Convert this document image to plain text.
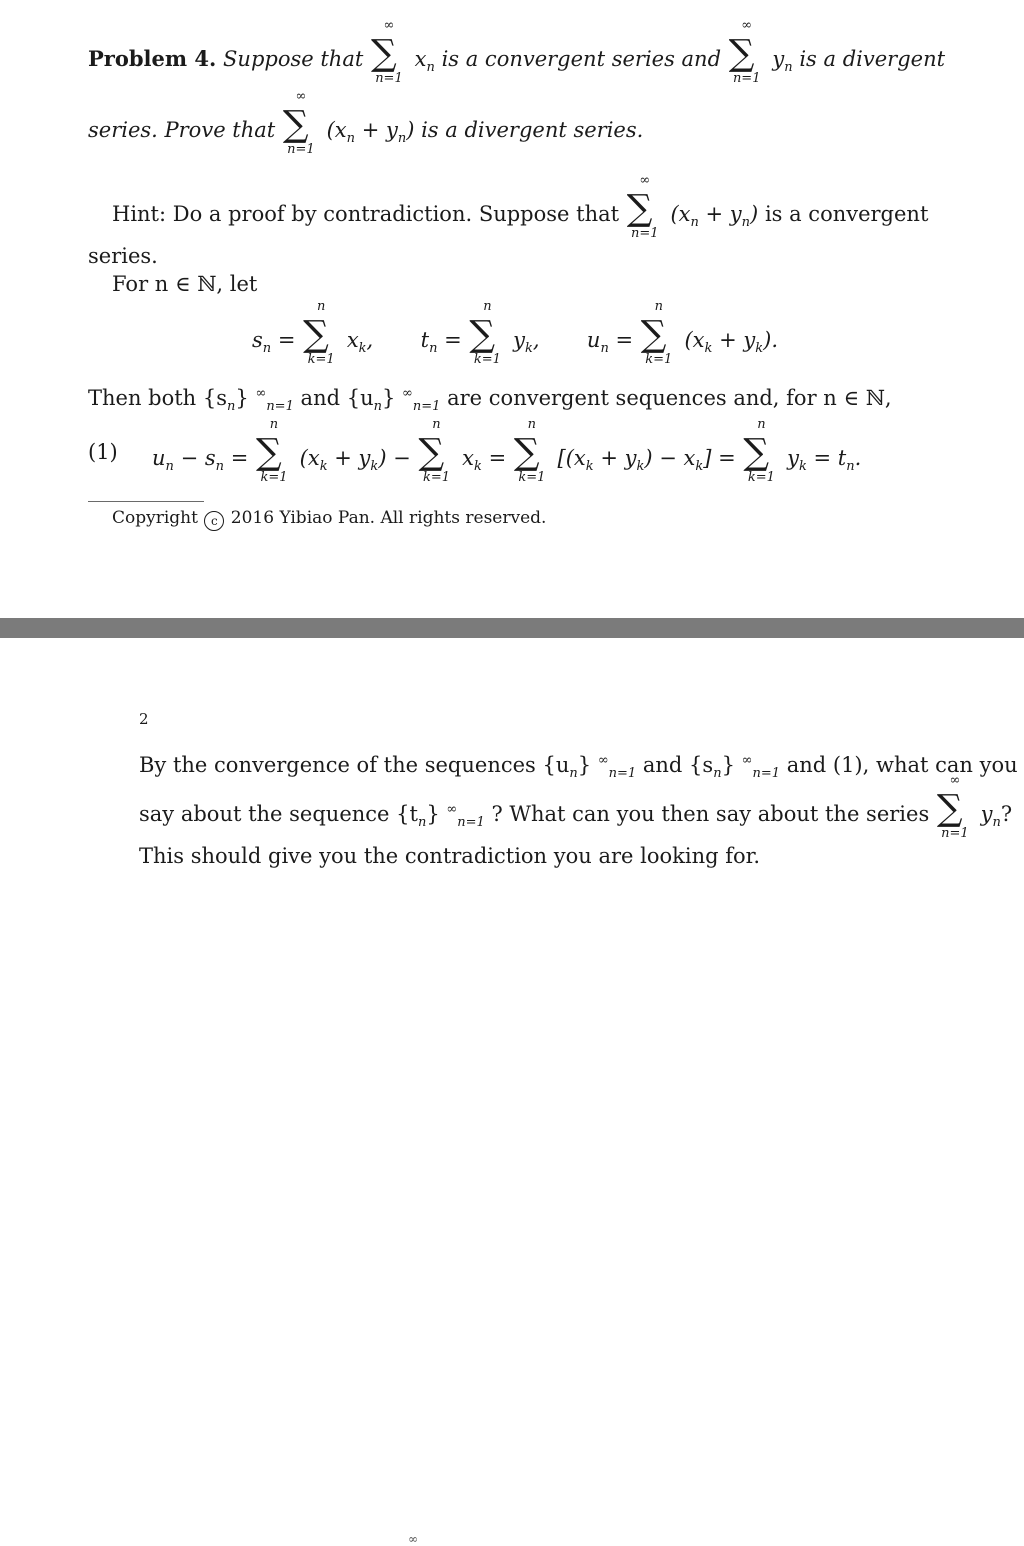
Problem 4. Suppose that
∞
∑
n=1
$x_n$ is a convergent series and
∞
∑
n=1
$y_n$ is a divergent
series. Prove that
∞
∑
n=1
$(x_n + y_n)$ is a divergent series.
Hint: Do a proof by contradiction. Suppose that
∞
∑
n=1
$(x_n + y_n)$ is a convergent
series.
For n ∈ ℕ, let
$s_n$ =
n
∑
k=1
$x_k$, $t_n$ =
n
∑
k=1
$y_k$, $u_n$ =
n
∑
k=1
$(x_k + y_k)$.
Then both $\{s_n\}$ ∞$_{n=1}$ and $\{u_n\}$ ∞$_{n=1}$ are convergent sequences and, for n ∈ ℕ,
(1) $u_n - s_n$ =
n
∑
k=1
$(x_k + y_k)$ −
n
∑
k=1
$x_k$ =
n
∑
k=1
$[(x_k + y_k) - x_k]$ =
n
∑
k=1
$y_k = t_n$.
Copyright c 2016 Yibiao Pan. All rights reserved.
2
By the convergence of the sequences $\{u_n\}$ ∞$_{n=1}$ and $\{s_n\}$ ∞$_{n=1}$ and (1), what can you
say about the sequence $\{t_n\}$ ∞$_{n=1}$ ? What can you then say about the series
∞
∑
n=1
$y_n$?
This should give you the contradiction you are looking for.
∞
